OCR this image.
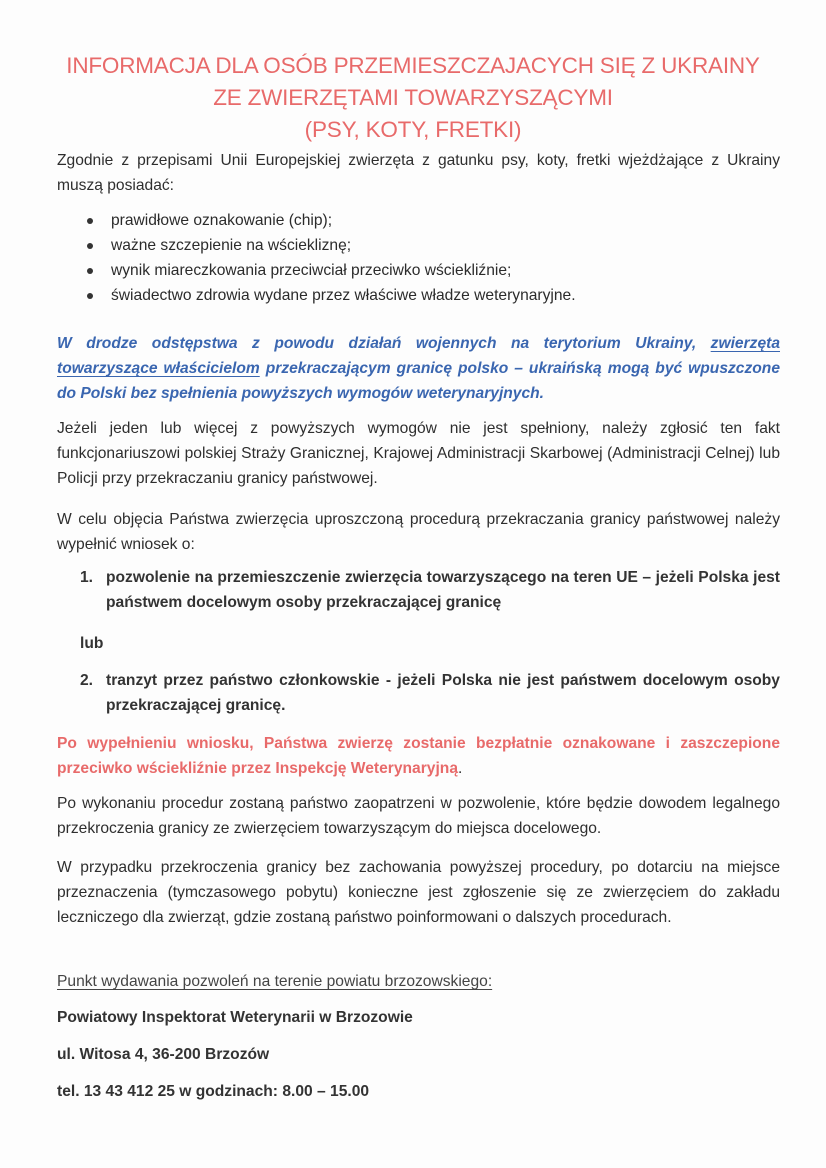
INFORMACJA DLA OSÓB PRZEMIESZCZAJACYCH SIĘ Z UKRAINY
ZE ZWIERZĘTAMI TOWARZYSZĄCYMI
(PSY, KOTY, FRETKI)
Zgodnie z przepisami Unii Europejskiej zwierzęta z gatunku psy, koty, fretki wjeżdżające z Ukrainy muszą posiadać:
prawidłowe oznakowanie (chip);
ważne szczepienie na wściekliznę;
wynik miareczkowania przeciwciał przeciwko wściekliźnie;
świadectwo zdrowia wydane przez właściwe władze weterynaryjne.
W drodze odstępstwa z powodu działań wojennych na terytorium Ukrainy, zwierzęta towarzyszące właścicielom przekraczającym granicę polsko – ukraińską mogą być wpuszczone do Polski bez spełnienia powyższych wymogów weterynaryjnych.
Jeżeli jeden lub więcej z powyższych wymogów nie jest spełniony, należy zgłosić ten fakt funkcjonariuszowi polskiej Straży Granicznej, Krajowej Administracji Skarbowej (Administracji Celnej) lub Policji przy przekraczaniu granicy państwowej.
W celu objęcia Państwa zwierzęcia uproszczoną procedurą przekraczania granicy państwowej należy wypełnić wniosek o:
1. pozwolenie na przemieszczenie zwierzęcia towarzyszącego na teren UE – jeżeli Polska jest państwem docelowym osoby przekraczającej granicę
lub
2. tranzyt przez państwo członkowskie - jeżeli Polska nie jest państwem docelowym osoby przekraczającej granicę.
Po wypełnieniu wniosku, Państwa zwierzę zostanie bezpłatnie oznakowane i zaszczepione przeciwko wściekliźnie przez Inspekcję Weterynaryjną.
Po wykonaniu procedur zostaną państwo zaopatrzeni w pozwolenie, które będzie dowodem legalnego przekroczenia granicy ze zwierzęciem towarzyszącym do miejsca docelowego.
W przypadku przekroczenia granicy bez zachowania powyższej procedury, po dotarciu na miejsce przeznaczenia (tymczasowego pobytu) konieczne jest zgłoszenie się ze zwierzęciem do zakładu leczniczego dla zwierząt, gdzie zostaną państwo poinformowani o dalszych procedurach.
Punkt wydawania pozwoleń na terenie powiatu brzozowskiego:
Powiatowy Inspektorat Weterynarii w Brzozowie
ul. Witosa 4, 36-200 Brzozów
tel. 13 43 412 25 w godzinach: 8.00 – 15.00
